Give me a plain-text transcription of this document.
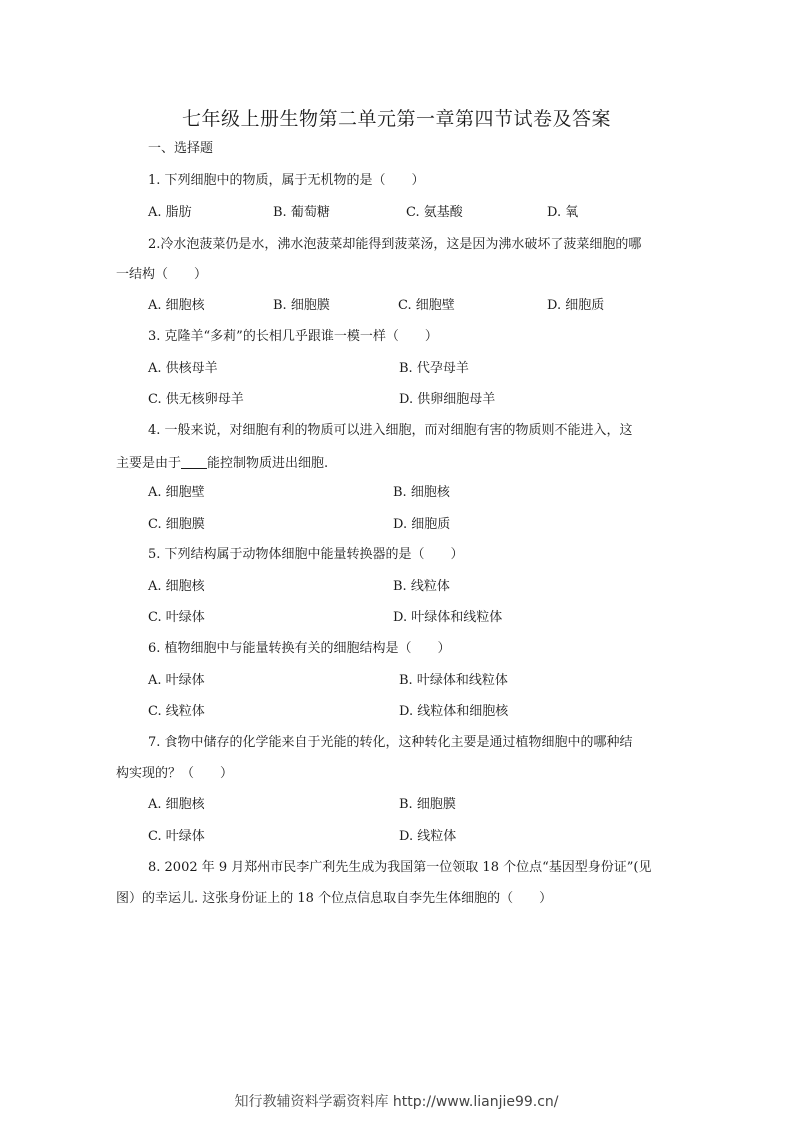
七年级上册生物第二单元第一章第四节试卷及答案
一、选择题
1. 下列细胞中的物质，属于无机物的是（　　）
A. 脂肪	B. 葡萄糖	C. 氨基酸	D. 氧
2.冷水泡菠菜仍是水，沸水泡菠菜却能得到菠菜汤，这是因为沸水破坏了菠菜细胞的哪
一结构（　　）
A. 细胞核	B. 细胞膜	C. 细胞壁	D. 细胞质
3. 克隆羊“多莉”的长相几乎跟谁一模一样（　　）
A. 供核母羊	B. 代孕母羊
C. 供无核卵母羊	D. 供卵细胞母羊
4. 一般来说，对细胞有利的物质可以进入细胞，而对细胞有害的物质则不能进入，这
主要是由于 能控制物质进出细胞.
A. 细胞壁	B. 细胞核
C. 细胞膜	D. 细胞质
5. 下列结构属于动物体细胞中能量转换器的是（　　）
A. 细胞核	B. 线粒体
C. 叶绿体	D. 叶绿体和线粒体
6. 植物细胞中与能量转换有关的细胞结构是（　　）
A. 叶绿体	B. 叶绿体和线粒体
C. 线粒体	D. 线粒体和细胞核
7. 食物中储存的化学能来自于光能的转化，这种转化主要是通过植物细胞中的哪种结
构实现的？（　　）
A. 细胞核	B. 细胞膜
C. 叶绿体	D. 线粒体
8. 2002 年 9 月郑州市民李广利先生成为我国第一位领取 18 个位点“基因型身份证”(见
图）的幸运儿. 这张身份证上的 18 个位点信息取自李先生体细胞的（　　）
知行教辅资料学霸资料库 http://www.lianjie99.cn/
